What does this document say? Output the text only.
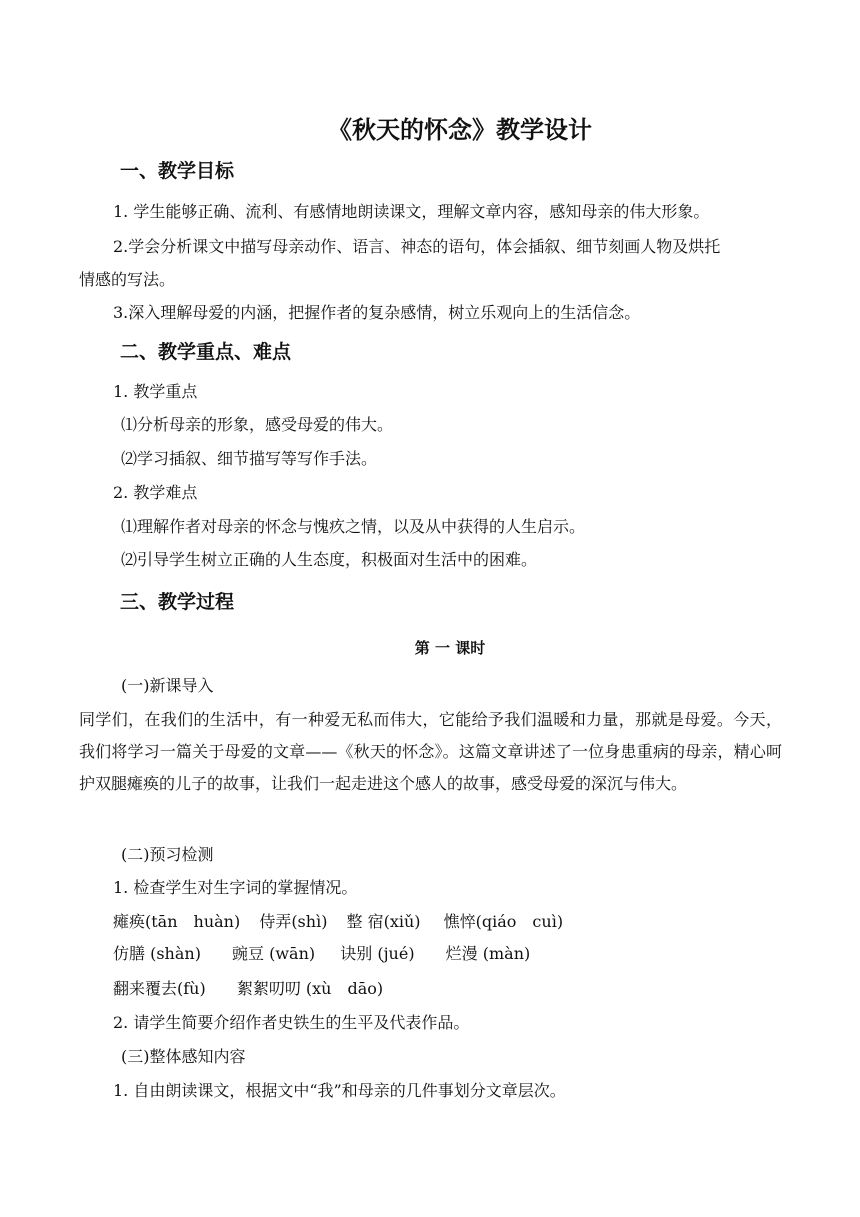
《秋天的怀念》教学设计
一、教学目标
1. 学生能够正确、流利、有感情地朗读课文，理解文章内容，感知母亲的伟大形象。
2.学会分析课文中描写母亲动作、语言、神态的语句，体会插叙、细节刻画人物及烘托
情感的写法。
3.深入理解母爱的内涵，把握作者的复杂感情，树立乐观向上的生活信念。
二、教学重点、难点
1. 教学重点
⑴分析母亲的形象，感受母爱的伟大。
⑵学习插叙、细节描写等写作手法。
2. 教学难点
⑴理解作者对母亲的怀念与愧疚之情，以及从中获得的人生启示。
⑵引导学生树立正确的人生态度，积极面对生活中的困难。
三、教学过程
第 一 课时
(一)新课导入
同学们，在我们的生活中，有一种爱无私而伟大，它能给予我们温暖和力量，那就是母爱。今天，我们将学习一篇关于母爱的文章——《秋天的怀念》。这篇文章讲述了一位身患重病的母亲，精心呵护双腿瘫痪的儿子的故事，让我们一起走进这个感人的故事，感受母爱的深沉与伟大。
(二)预习检测
1. 检查学生对生字词的掌握情况。
瘫痪(tān　huàn) 侍弄(shì) 整 宿(xiǔ) 憔悴(qiáo　cuì)
仿膳 (shàn) 豌豆 (wān) 诀别 (jué) 烂漫 (màn)
翻来覆去(fù) 絮絮叨叨 (xù　dāo)
2. 请学生简要介绍作者史铁生的生平及代表作品。
(三)整体感知内容
1. 自由朗读课文，根据文中“我”和母亲的几件事划分文章层次。
